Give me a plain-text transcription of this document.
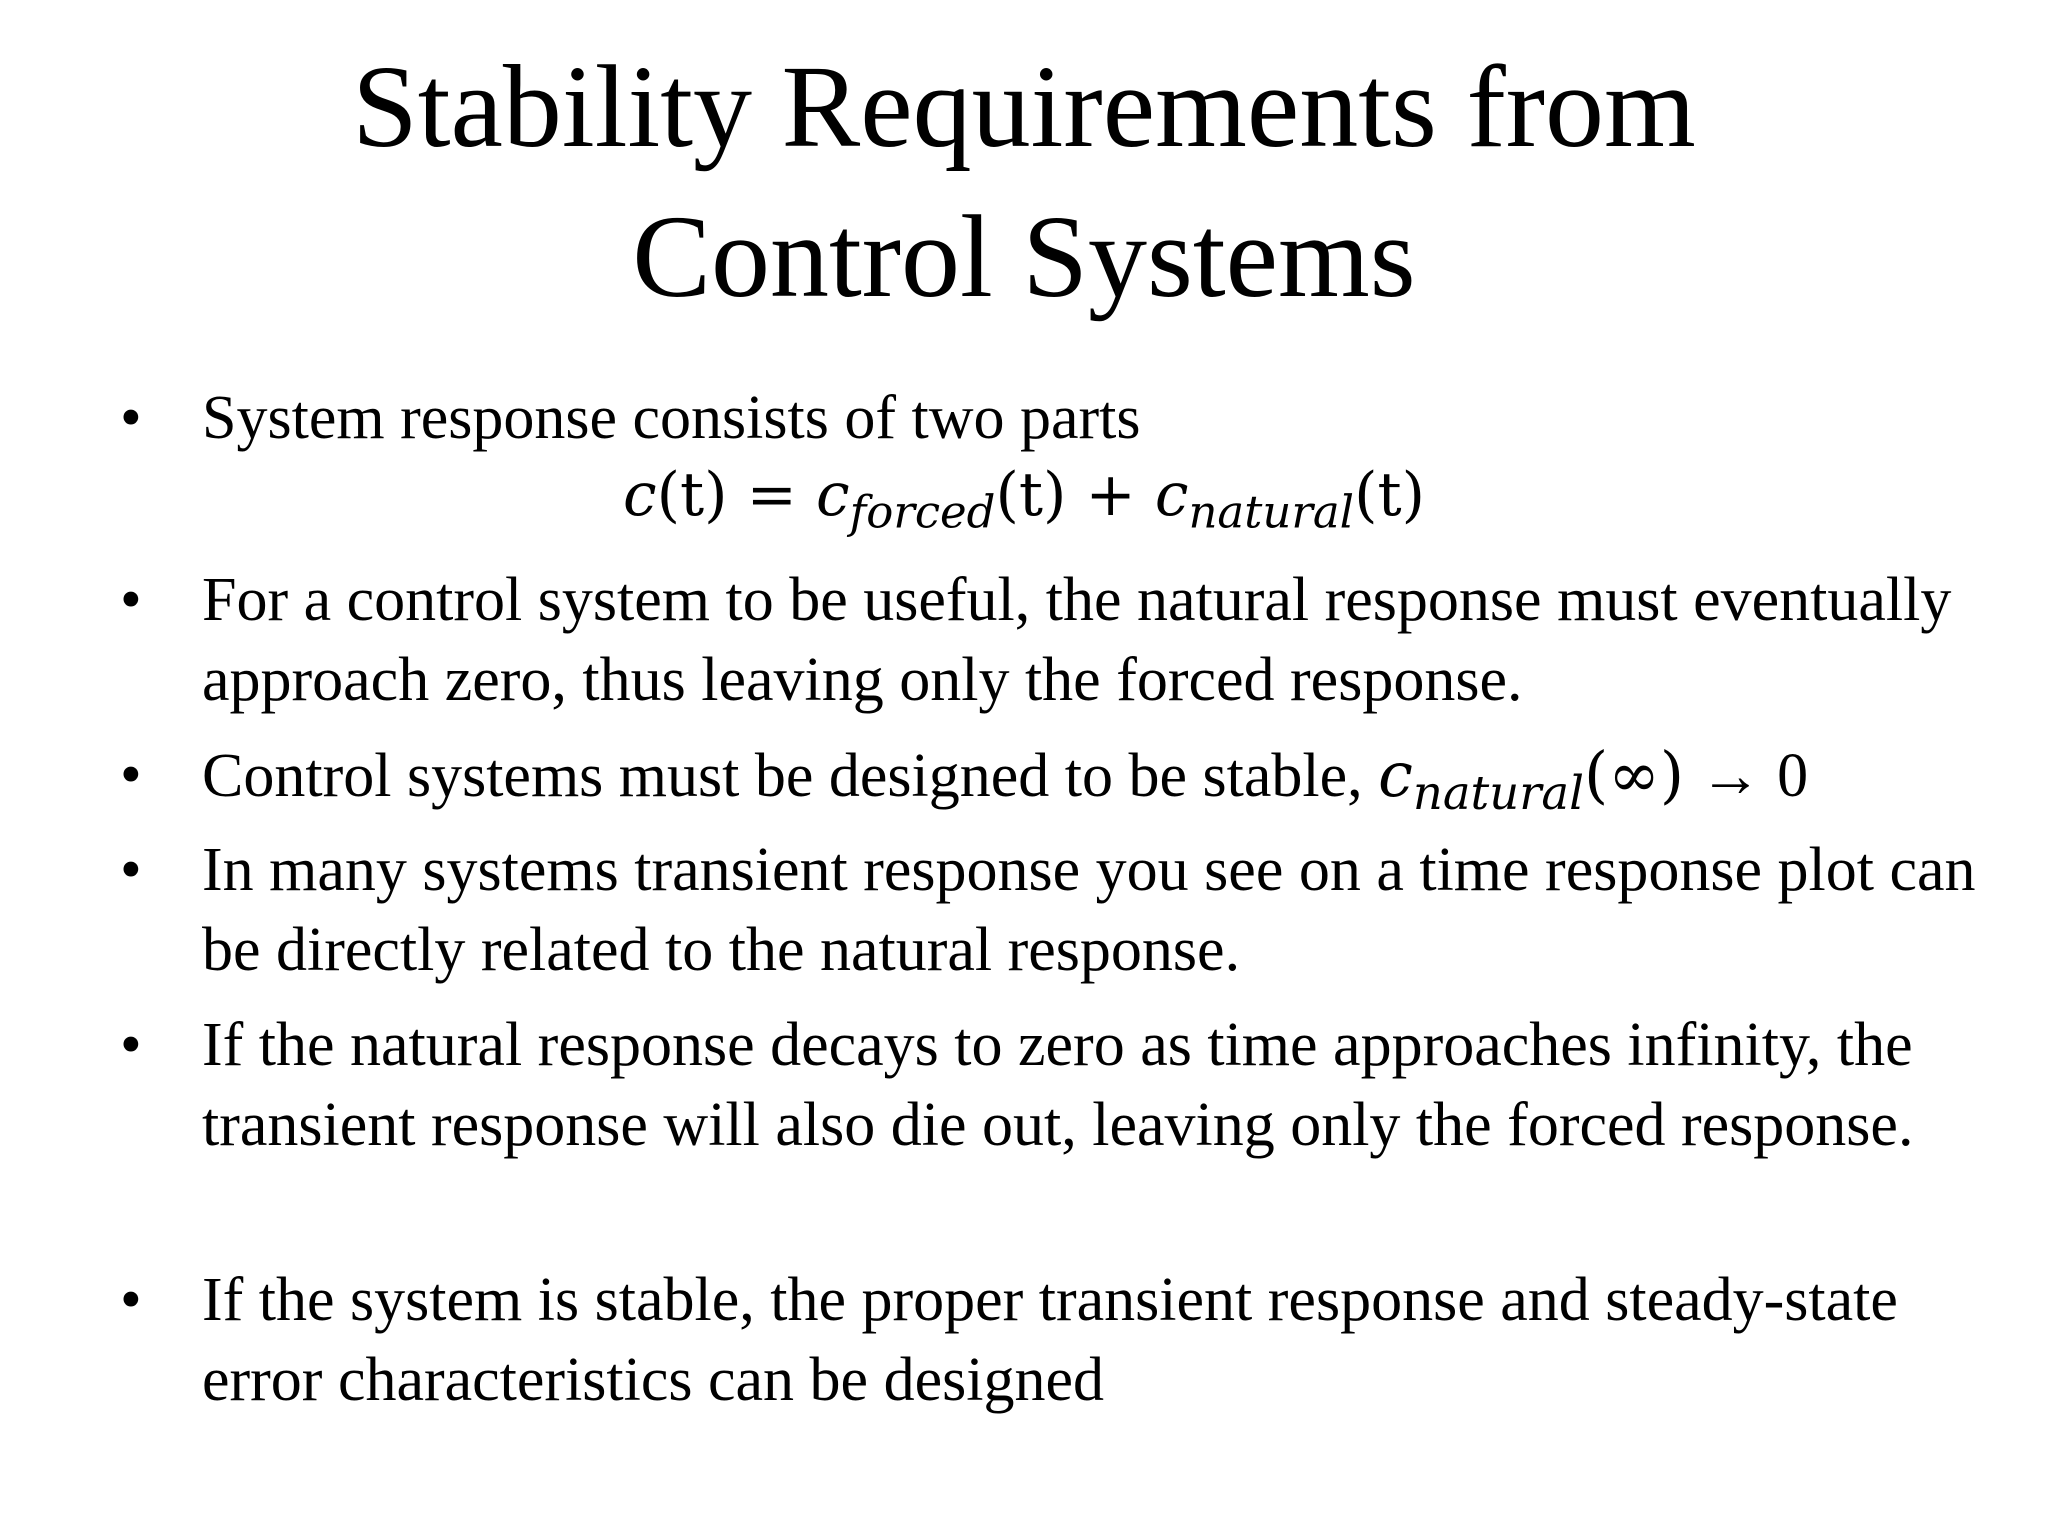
Stability Requirements from
Control Systems
• System response consists of two parts
$c(t) = c_{forced}(t) + c_{natural}(t)$
• For a control system to be useful, the natural response must eventually approach zero, thus leaving only the forced response.
• Control systems must be designed to be stable, $c_{natural}(\infty) \to 0$
• In many systems transient response you see on a time response plot can be directly related to the natural response.
• If the natural response decays to zero as time approaches infinity, the transient response will also die out, leaving only the forced response.
• If the system is stable, the proper transient response and steady-state error characteristics can be designed
